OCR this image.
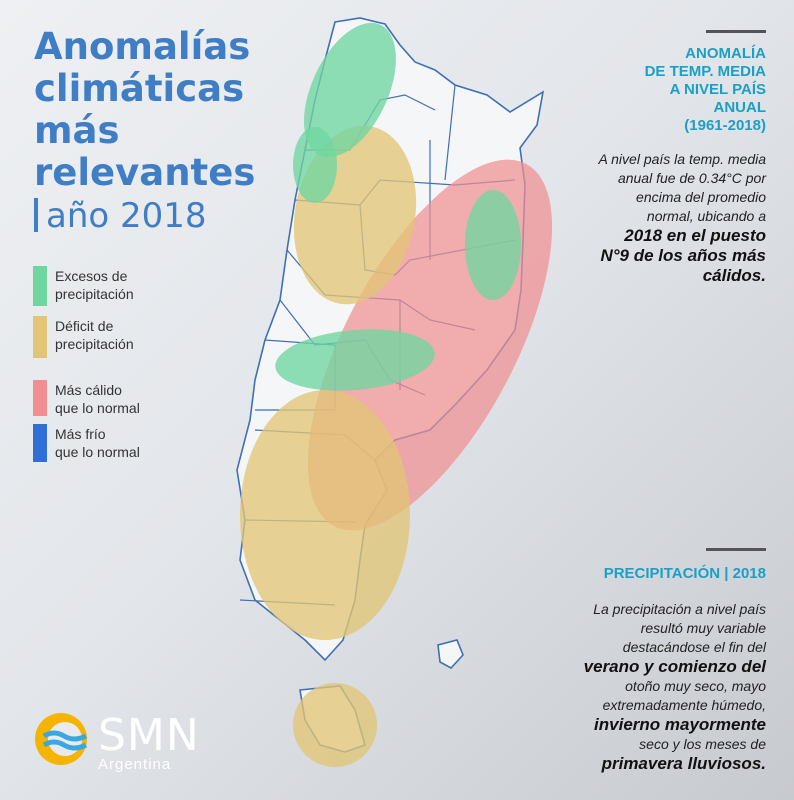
Anomalías
climáticas
más
relevantes
año 2018
Excesos de
precipitación
Déficit de
precipitación
Más cálido
que lo normal
Más frío
que lo normal
ANOMALÍA
DE TEMP. MEDIA
A NIVEL PAÍS
ANUAL
(1961-2018)
A nivel país la temp. media
anual fue de 0.34°C por
encima del promedio
normal, ubicando a
2018 en el puesto
N°9 de los años más
cálidos.
PRECIPITACIÓN | 2018
La precipitación a nivel país
resultó muy variable
destacándose el fin del
verano y comienzo del
otoño muy seco, mayo
extremadamente húmedo,
invierno mayormente
seco y los meses de
primavera lluviosos.
SMN
Argentina
